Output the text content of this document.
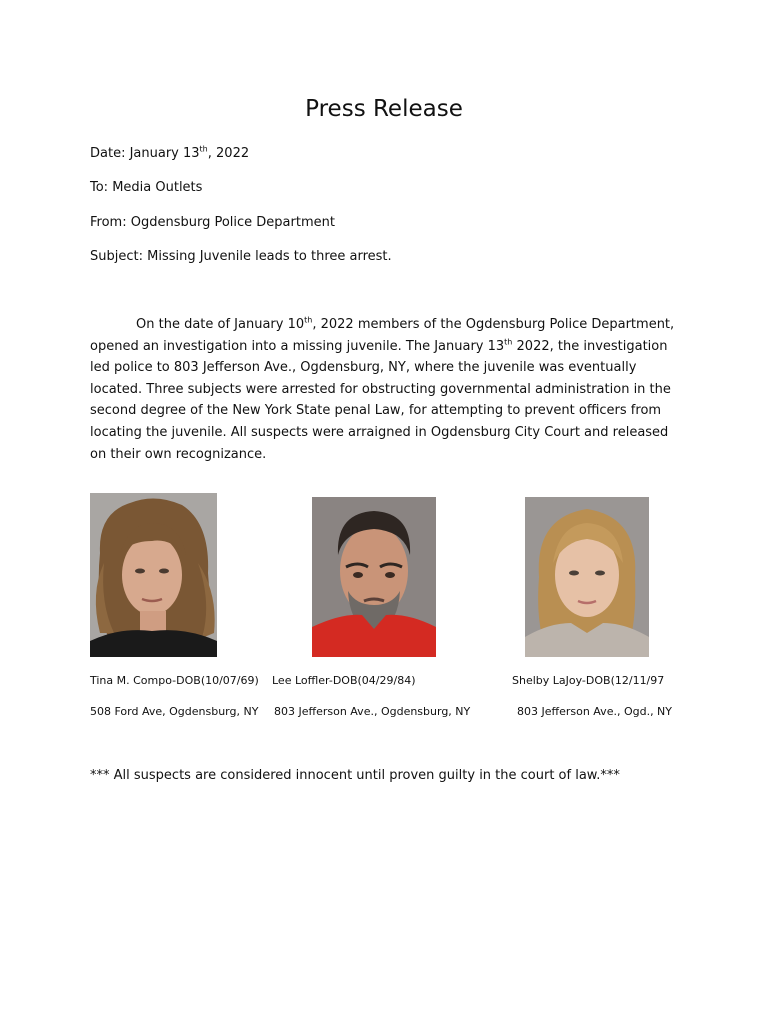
Press Release
Date: January 13th, 2022
To: Media Outlets
From: Ogdensburg Police Department
Subject: Missing Juvenile leads to three arrest.

On the date of January 10th, 2022 members of the Ogdensburg Police Department, opened an investigation into a missing juvenile. The January 13th 2022, the investigation led police to 803 Jefferson Ave., Ogdensburg, NY, where the juvenile was eventually located. Three subjects were arrested for obstructing governmental administration in the second degree of the New York State penal Law, for attempting to prevent officers from locating the juvenile. All suspects were arraigned in Ogdensburg City Court and released on their own recognizance.

Tina M. Compo-DOB(10/07/69) Lee Loffler-DOB(04/29/84)	Shelby LaJoy-DOB(12/11/97
508 Ford Ave, Ogdensburg, NY 803 Jefferson Ave., Ogdensburg, NY	803 Jefferson Ave., Ogd., NY
*** All suspects are considered innocent until proven guilty in the court of law.***
